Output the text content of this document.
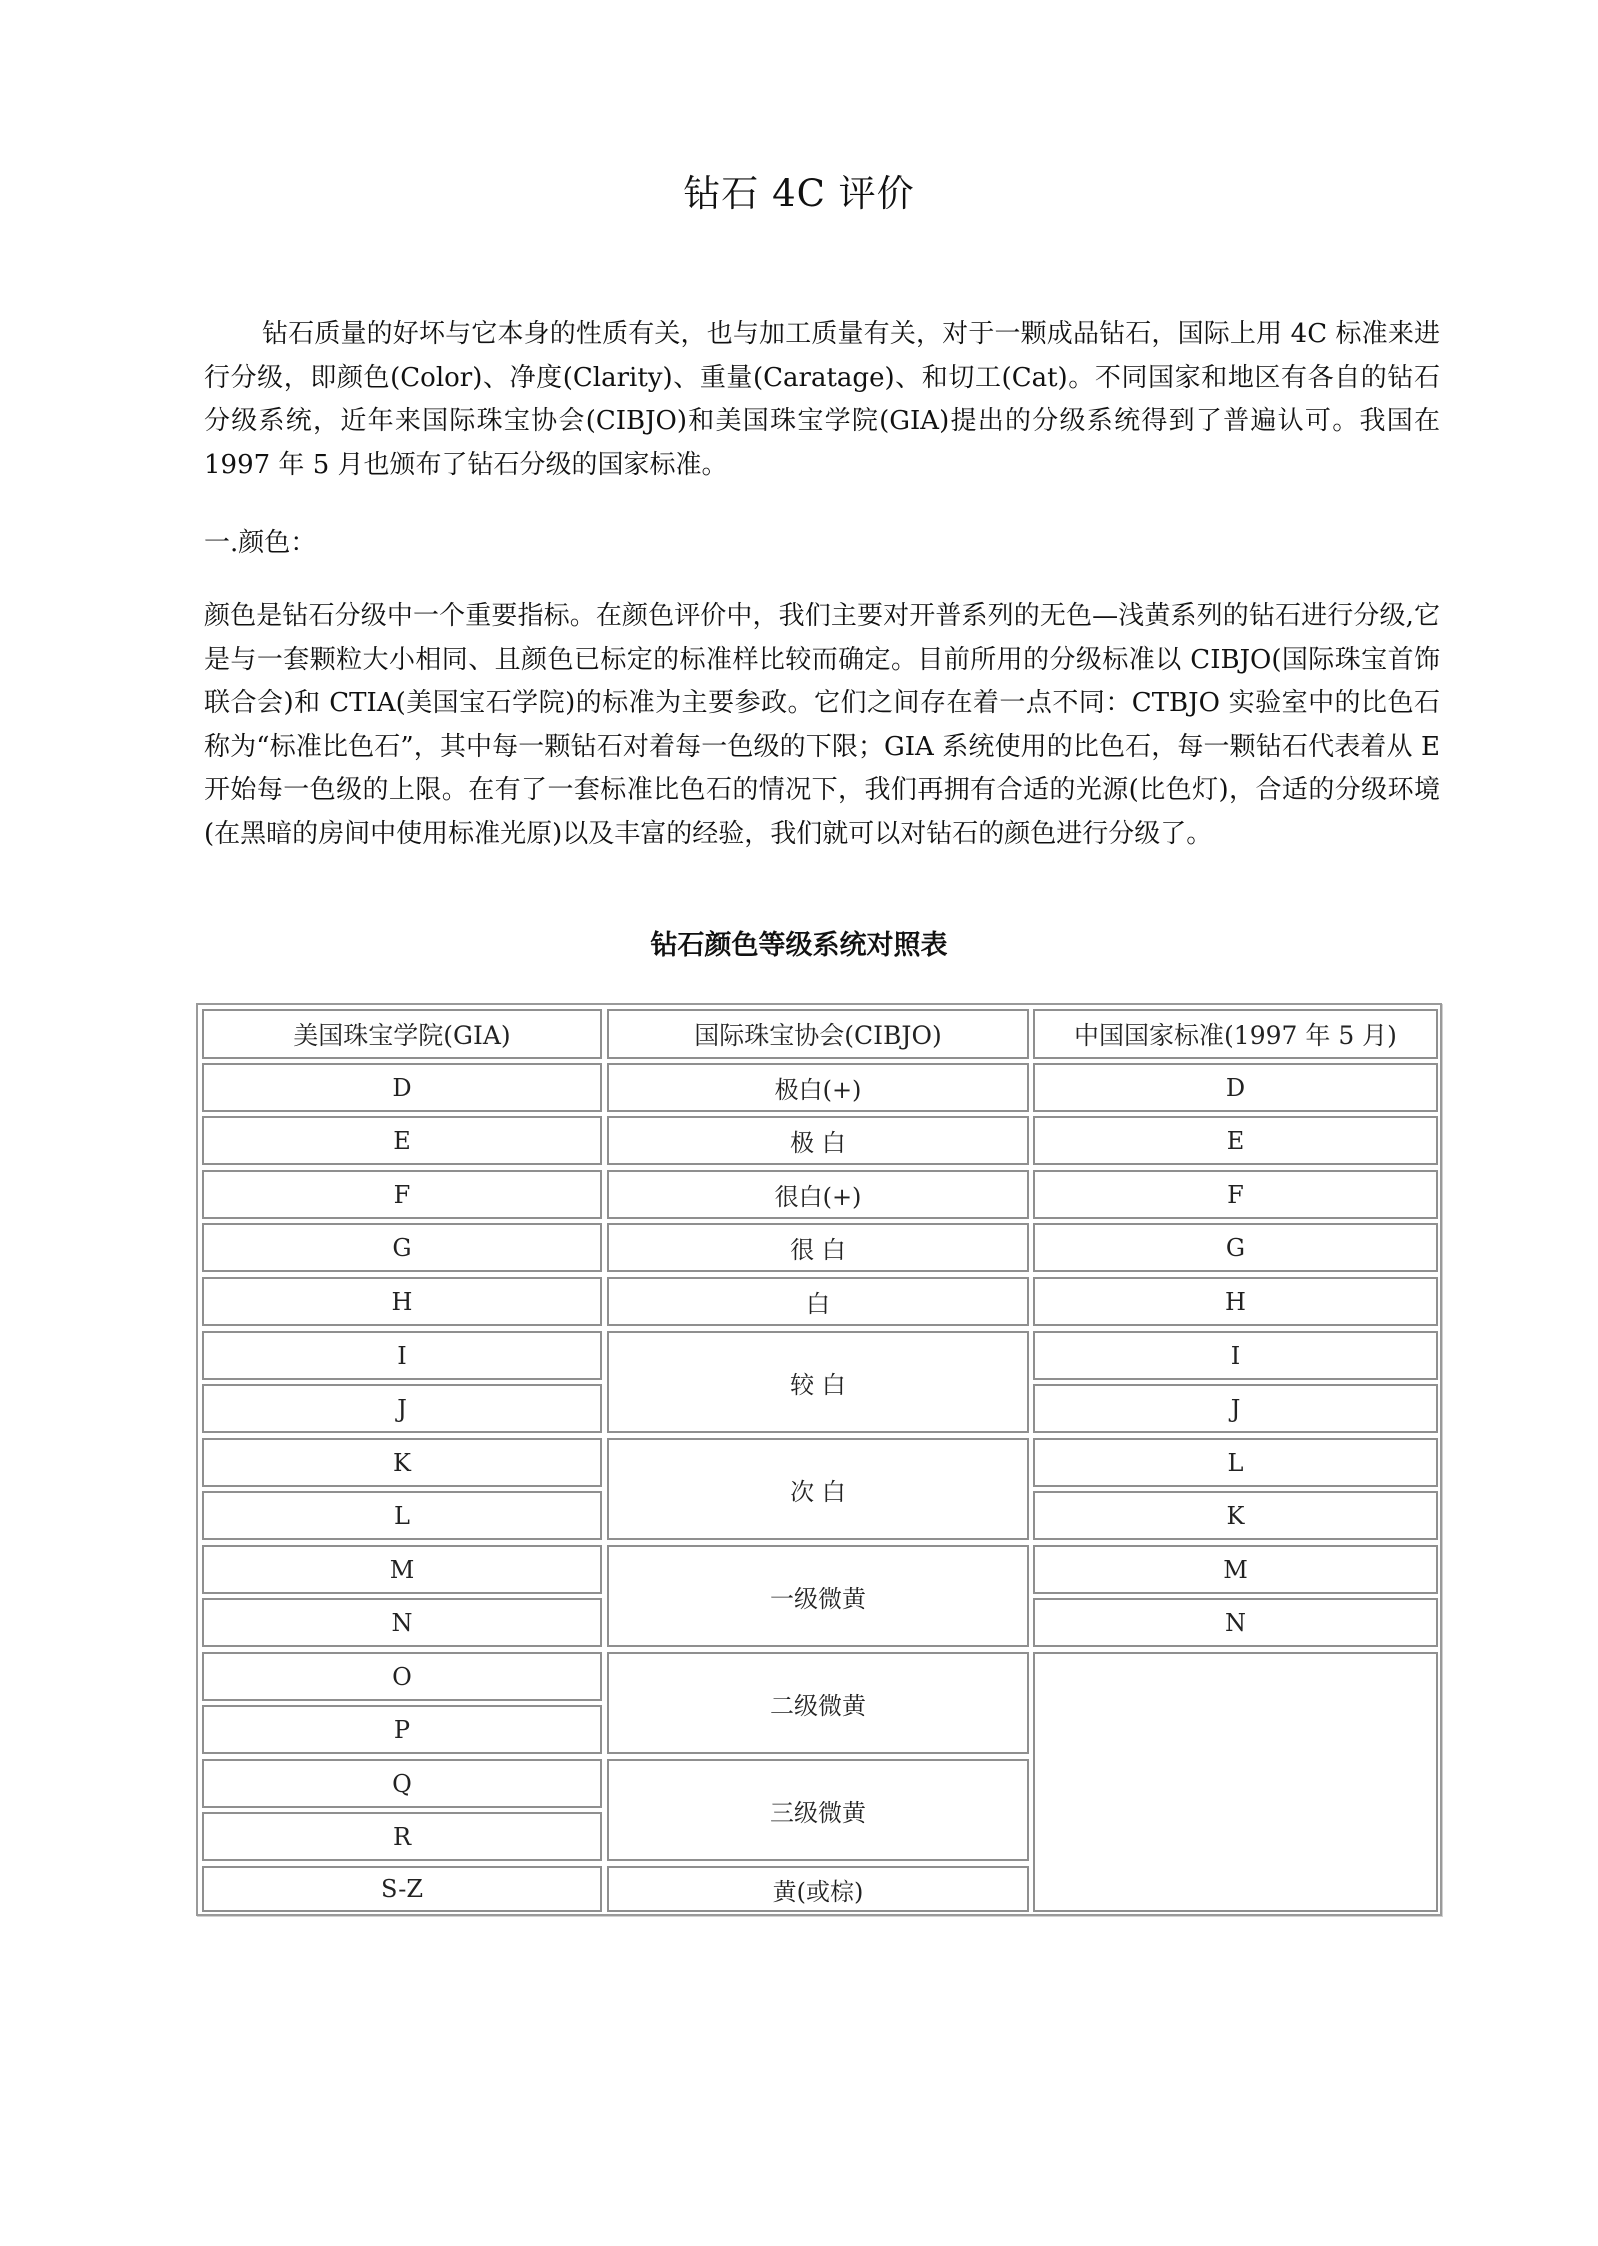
钻石 4C 评价

钻石质量的好坏与它本身的性质有关，也与加工质量有关，对于一颗成品钻石，国际上用 4C 标准来进行分级，即颜色(Color)、净度(Clarity)、重量(Caratage)、和切工(Cat)。不同国家和地区有各自的钻石分级系统，近年来国际珠宝协会(CIBJO)和美国珠宝学院(GIA)提出的分级系统得到了普遍认可。我国在 1997 年 5 月也颁布了钻石分级的国家标准。

一.颜色：

颜色是钻石分级中一个重要指标。在颜色评价中，我们主要对开普系列的无色—浅黄系列的钻石进行分级,它是与一套颗粒大小相同、且颜色已标定的标准样比较而确定。目前所用的分级标准以 CIBJO(国际珠宝首饰联合会)和 CTIA(美国宝石学院)的标准为主要参政。它们之间存在着一点不同：CTBJO 实验室中的比色石称为“标准比色石”，其中每一颗钻石对着每一色级的下限；GIA 系统使用的比色石，每一颗钻石代表着从 E 开始每一色级的上限。在有了一套标准比色石的情况下，我们再拥有合适的光源(比色灯)，合适的分级环境(在黑暗的房间中使用标准光原)以及丰富的经验，我们就可以对钻石的颜色进行分级了。

钻石颜色等级系统对照表

美国珠宝学院(GIA)	国际珠宝协会(CIBJO)	中国国家标准(1997 年 5 月)
D
E
F
G
H
I
J
K
L
M
N
O
P
Q
R
S-Z
极白(+)
极 白
很白(+)
很 白
白
较 白
次 白
一级微黄
二级微黄
三级微黄
黄(或棕)
D
E
F
G
H
I
J
L
K
M
N
